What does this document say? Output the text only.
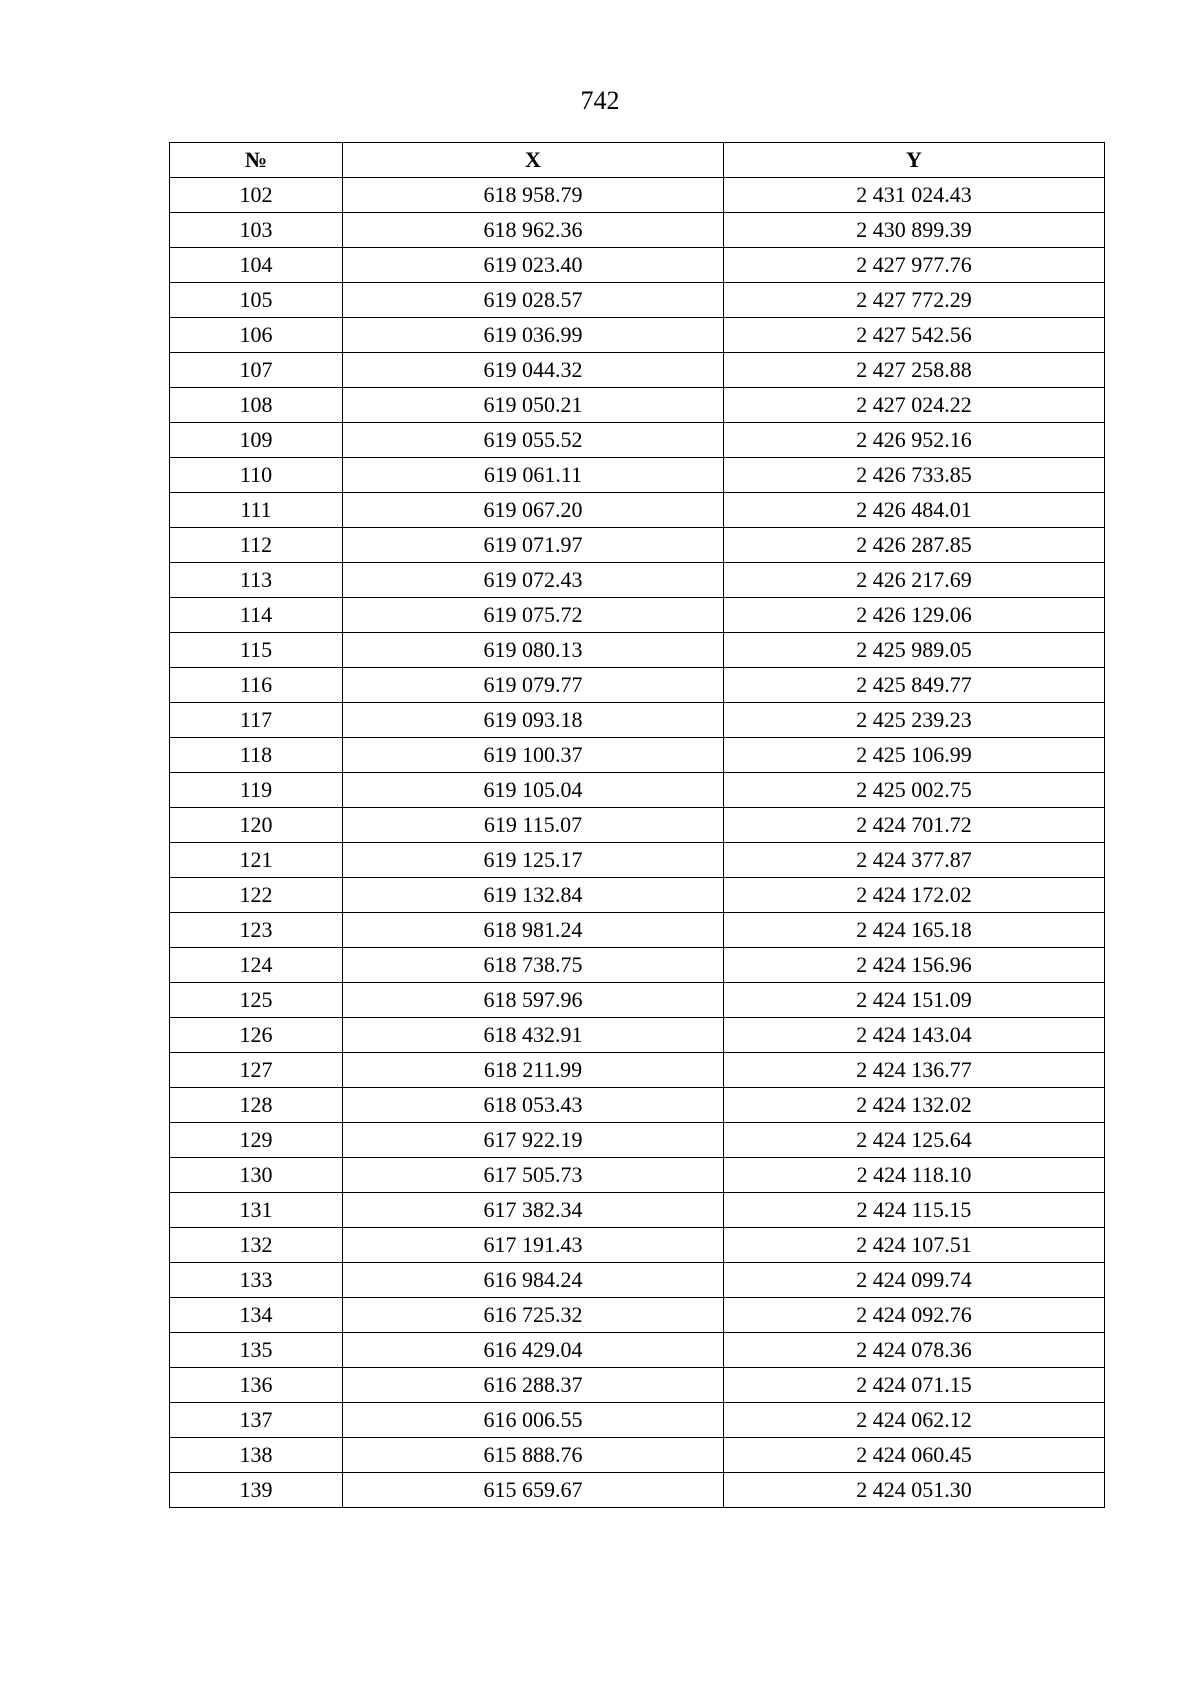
742
№	X	Y
102	618 958.79	2 431 024.43
103	618 962.36	2 430 899.39
104	619 023.40	2 427 977.76
105	619 028.57	2 427 772.29
106	619 036.99	2 427 542.56
107	619 044.32	2 427 258.88
108	619 050.21	2 427 024.22
109	619 055.52	2 426 952.16
110	619 061.11	2 426 733.85
111	619 067.20	2 426 484.01
112	619 071.97	2 426 287.85
113	619 072.43	2 426 217.69
114	619 075.72	2 426 129.06
115	619 080.13	2 425 989.05
116	619 079.77	2 425 849.77
117	619 093.18	2 425 239.23
118	619 100.37	2 425 106.99
119	619 105.04	2 425 002.75
120	619 115.07	2 424 701.72
121	619 125.17	2 424 377.87
122	619 132.84	2 424 172.02
123	618 981.24	2 424 165.18
124	618 738.75	2 424 156.96
125	618 597.96	2 424 151.09
126	618 432.91	2 424 143.04
127	618 211.99	2 424 136.77
128	618 053.43	2 424 132.02
129	617 922.19	2 424 125.64
130	617 505.73	2 424 118.10
131	617 382.34	2 424 115.15
132	617 191.43	2 424 107.51
133	616 984.24	2 424 099.74
134	616 725.32	2 424 092.76
135	616 429.04	2 424 078.36
136	616 288.37	2 424 071.15
137	616 006.55	2 424 062.12
138	615 888.76	2 424 060.45
139	615 659.67	2 424 051.30
